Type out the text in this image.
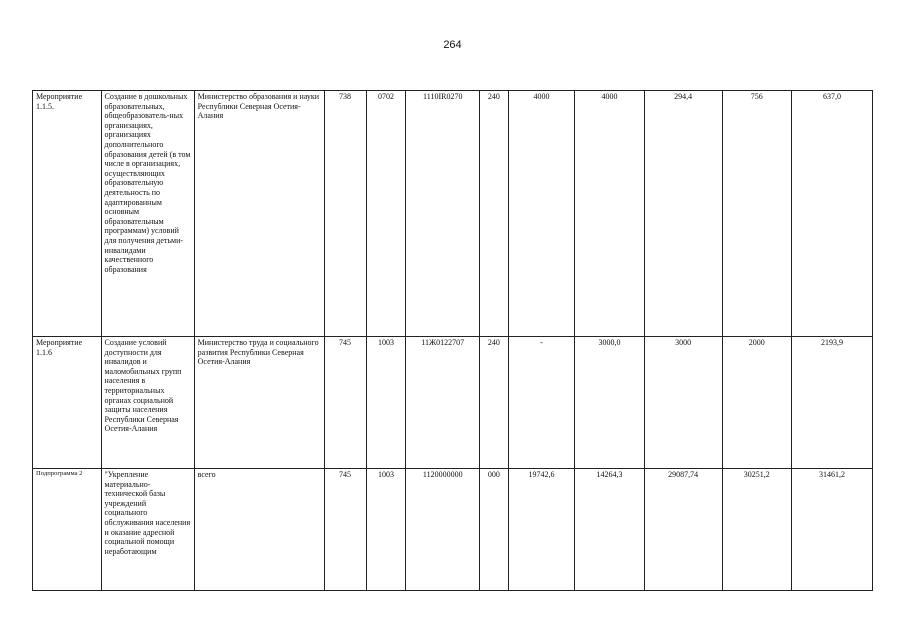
264
Мероприятие 1.1.5.	Создание в дошкольных образовательных, общеобразователь-ных организациях, организациях дополнительного образования детей (в том числе в организациях, осуществляющих образовательную деятельность по адаптированным основным образовательным программам) условий для получения детьми-инвалидами качественного образования	Министерство образования и науки Республики Северная Осетия-Алания	738	0702	1110IR0270	240	4000	4000	294,4	756	637,0
Мероприятие 1.1.6	Создание условий доступности для инвалидов и маломобильных групп населения в территориальных органах социальной защиты населения Республики Северная Осетия-Алания	Министерство труда и социального развития Республики Северная Осетия-Алания	745	1003	11Ж0122707	240	-	3000,0	3000	2000	2193,9
Подпрограмма 2	"Укрепление материально-технической базы учреждений социального обслуживания населения и оказание адресной социальной помощи неработающим	всего	745	1003	1120000000	000	19742,6	14264,3	29087,74	30251,2	31461,2
